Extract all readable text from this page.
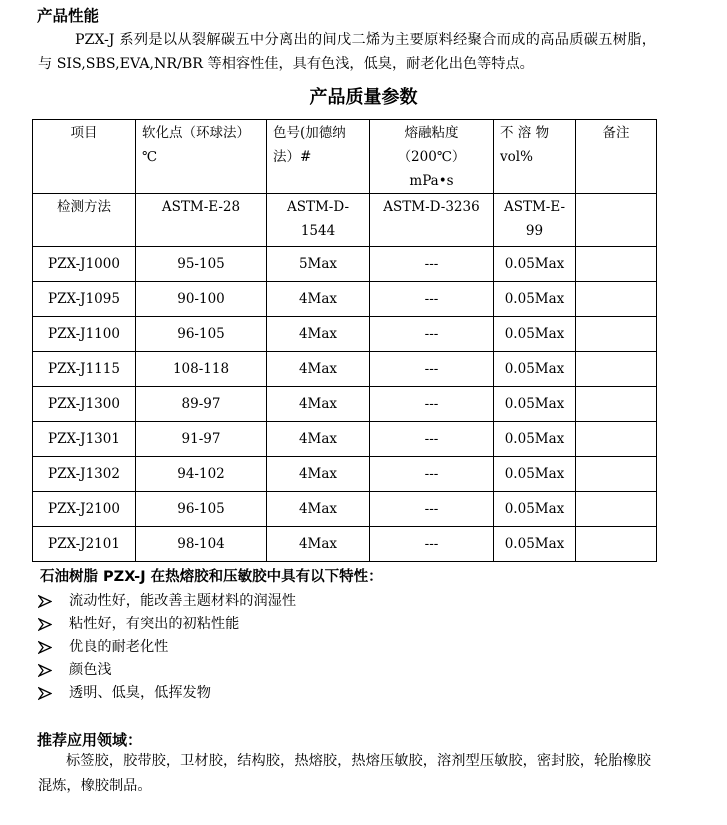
产品性能

PZX-J 系列是以从裂解碳五中分离出的间戊二烯为主要原料经聚合而成的高品质碳五树脂，与 SIS,SBS,EVA,NR/BR 等相容性佳，具有色浅，低臭，耐老化出色等特点。

产品质量参数
项目	软化点（环球法）℃	色号(加德纳法）#	熔融粘度（200℃）mPa•s	不 溶 物 vol%	备注
检测方法	ASTM-E-28	ASTM-D-1544	ASTM-D-3236	ASTM-E-99	
PZX-J1000	95-105	5Max	---	0.05Max	
PZX-J1095	90-100	4Max	---	0.05Max	
PZX-J1100	96-105	4Max	---	0.05Max	
PZX-J1115	108-118	4Max	---	0.05Max	
PZX-J1300	89-97	4Max	---	0.05Max	
PZX-J1301	91-97	4Max	---	0.05Max	
PZX-J1302	94-102	4Max	---	0.05Max	
PZX-J2100	96-105	4Max	---	0.05Max	
PZX-J2101	98-104	4Max	---	0.05Max	
石油树脂 PZX-J 在热熔胶和压敏胶中具有以下特性：
流动性好，能改善主题材料的润湿性
粘性好，有突出的初粘性能
优良的耐老化性
颜色浅
透明、低臭，低挥发物
推荐应用领域：

标签胶，胶带胶，卫材胶，结构胶，热熔胶，热熔压敏胶，溶剂型压敏胶，密封胶，轮胎橡胶混炼，橡胶制品。
